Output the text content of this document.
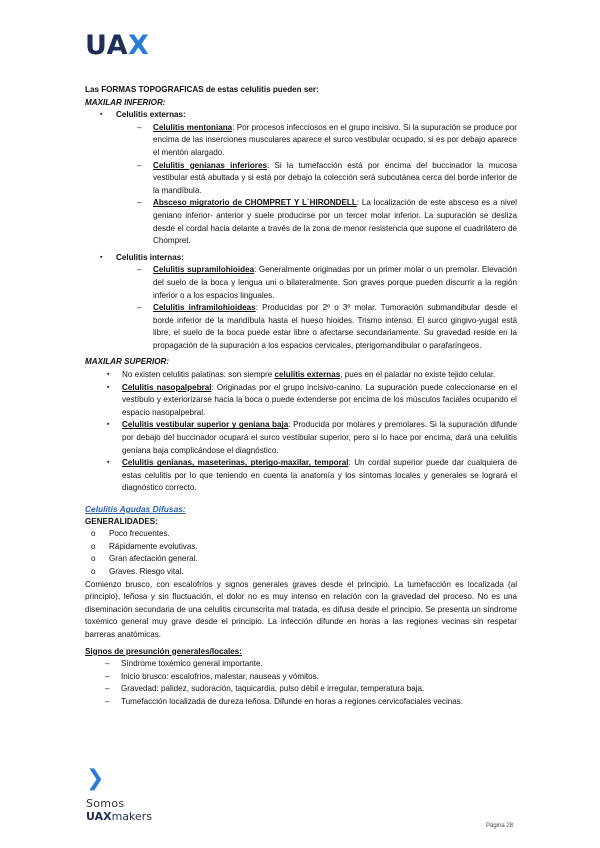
UAX

Las FORMAS TOPOGRAFICAS de estas celulitis pueden ser:

MAXILAR INFERIOR:

▪ Celulitis externas:
– Celulitis mentoniana: Por procesos infecciosos en el grupo incisivo. Si la supuración se produce por encima de las inserciones musculares aparece el surco vestibular ocupado, si es por debajo aparece el mentón alargado.
– Celulitis genianas inferiores: Si la tumefacción está por encima del buccinador la mucosa vestibular está abultada y si está por debajo la colección será subcutánea cerca del borde inferior de la mandíbula.
– Absceso migratorio de CHOMPRET Y L´HIRONDELL: La localización de este absceso es a nivel geniano inferior- anterior y suele producirse por un tercer molar inferior. La supuración se desliza desde el cordal hacia delante a través de la zona de menor resistencia que supone el cuadrilátero de Chompret.
▪ Celulitis internas:
– Celulitis supramilohioidea: Generalmente originadas por un primer molar o un premolar. Elevación del suelo de la boca y lengua uni o bilateralmente. Son graves porque pueden discurrir a la región inferior o a los espacios linguales.
– Celulitis inframilohioideas: Producidas por 2º o 3º molar. Tumoración submandibular desde el borde inferior de la mandíbula hasta el hueso hioides. Trismo intenso. El surco gingivo-yugal está libre, el suelo de la boca puede estar libre o afectarse secundariamente. Su gravedad reside en la propagación de la supuración a los espacios cervicales, pterigomandibular o parafaríngeos.

MAXILAR SUPERIOR:

▪ No existen celulitis palatinas: son siempre celulitis externas, pues en el paladar no existe tejido celular.
▪ Celulitis nasopalpebral: Originadas por el grupo incisivo-canino. La supuración puede coleccionarse en el vestíbulo y exteriorizarse hacia la boca o puede extenderse por encima de los músculos faciales ocupando el espacio nasopalpebral.
▪ Celulitis vestibular superior y geniana baja: Producida por molares y premolares. Si la supuración difunde por debajo del buccinador ocupará el surco vestibular superior, pero si lo hace por encima, dará una celulitis geniana baja complicándose el diagnóstico.
▪ Celulitis genianas, maseterinas, pterigo-maxilar, temporal: Un cordal superior puede dar cualquiera de estas celulitis por lo que teniendo en cuenta la anatomía y los síntomas locales y generales se logrará el diagnóstico correcto.

Celulitis Agudas Difusas:

GENERALIDADES:

o Poco frecuentes.
o Rápidamente evolutivas.
o Gran afectación general.
o Graves. Riesgo vital.

Comienzo brusco, con escalofríos y signos generales graves desde el principio. La tumefacción es localizada (al principio), leñosa y sin fluctuación, el dolor no es muy intenso en relación con la gravedad del proceso. No es una diseminación secundaria de una celulitis circunscrita mal tratada, es difusa desde el principio. Se presenta un síndrome toxémico general muy grave desde el principio. La infección difunde en horas a las regiones vecinas sin respetar barreras anatómicas.

Signos de presunción generales/locales:

– Síndrome toxémico general importante.
– Inicio brusco: escalofríos, malestar, nauseas y vómitos.
– Gravedad: palidez, sudoración, taquicardia, pulso débil e irregular, temperatura baja.
– Tumefacción localizada de dureza leñosa. Difunde en horas a regiones cervicofaciales vecinas.
❯
Somos
UAXmakers
Página 28
